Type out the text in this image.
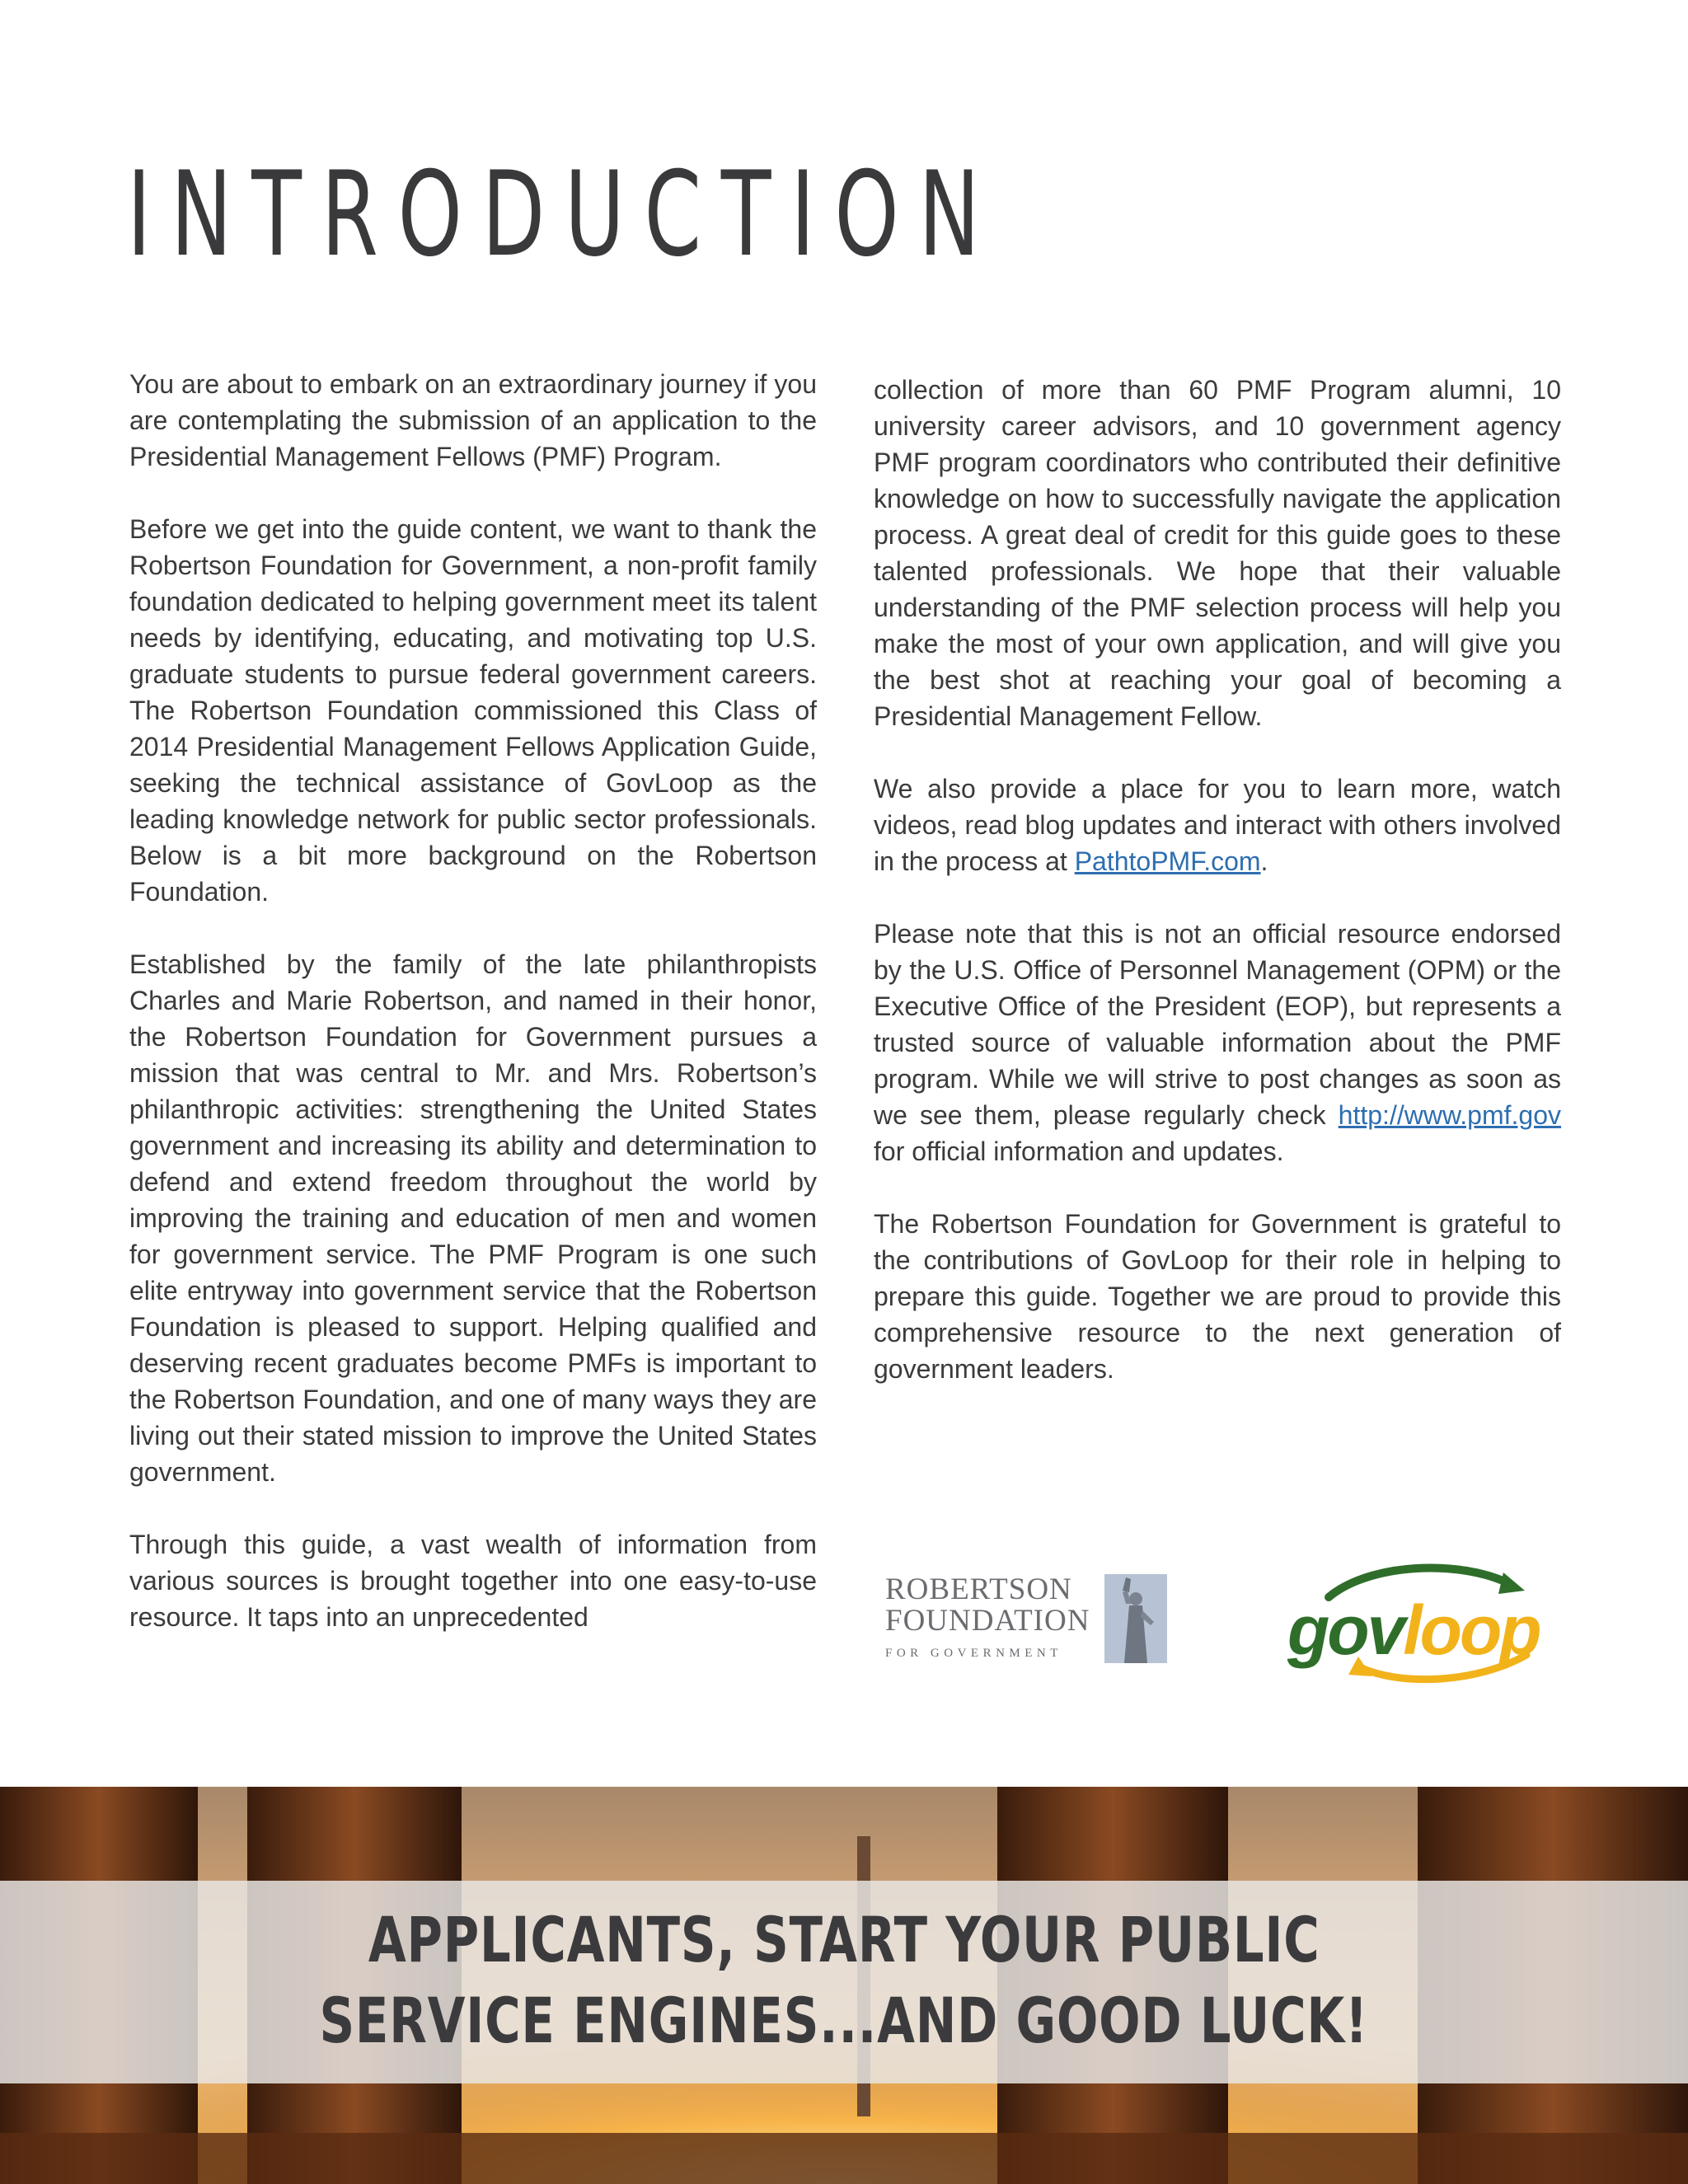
INTRODUCTION

You are about to embark on an extraordinary journey if you are contemplating the submission of an application to the Presidential Management Fellows (PMF) Program.

Before we get into the guide content, we want to thank the Robertson Foundation for Government, a non-profit family foundation dedicated to helping government meet its talent needs by identifying, educating, and motivating top U.S. graduate students to pursue federal government careers. The Robertson Foundation commissioned this Class of 2014 Presidential Management Fellows Application Guide, seeking the technical assistance of GovLoop as the leading knowledge network for public sector professionals. Below is a bit more background on the Robertson Foundation.

Established by the family of the late philanthropists Charles and Marie Robertson, and named in their honor, the Robertson Foundation for Government pursues a mission that was central to Mr. and Mrs. Robertson’s philanthropic activities: strengthening the United States government and increasing its ability and determination to defend and extend freedom throughout the world by improving the training and education of men and women for government service. The PMF Program is one such elite entryway into government service that the Robertson Foundation is pleased to support. Helping qualified and deserving recent graduates become PMFs is important to the Robertson Foundation, and one of many ways they are living out their stated mission to improve the United States government.

Through this guide, a vast wealth of information from various sources is brought together into one easy-to-use resource. It taps into an unprecedented

collection of more than 60 PMF Program alumni, 10 university career advisors, and 10 government agency PMF program coordinators who contributed their definitive knowledge on how to successfully navigate the application process. A great deal of credit for this guide goes to these talented professionals. We hope that their valuable understanding of the PMF selection process will help you make the most of your own application, and will give you the best shot at reaching your goal of becoming a Presidential Management Fellow.

We also provide a place for you to learn more, watch videos, read blog updates and interact with others involved in the process at PathtoPMF.com.

Please note that this is not an official resource endorsed by the U.S. Office of Personnel Management (OPM) or the Executive Office of the President (EOP), but represents a trusted source of valuable information about the PMF program. While we will strive to post changes as soon as we see them, please regularly check http://www.pmf.gov for official information and updates.

The Robertson Foundation for Government is grateful to the contributions of GovLoop for their role in helping to prepare this guide. Together we are proud to provide this comprehensive resource to the next generation of government leaders.

ROBERTSON
FOUNDATION
FOR GOVERNMENT	govloop
APPLICANTS, START YOUR PUBLIC
SERVICE ENGINES...AND GOOD LUCK!
